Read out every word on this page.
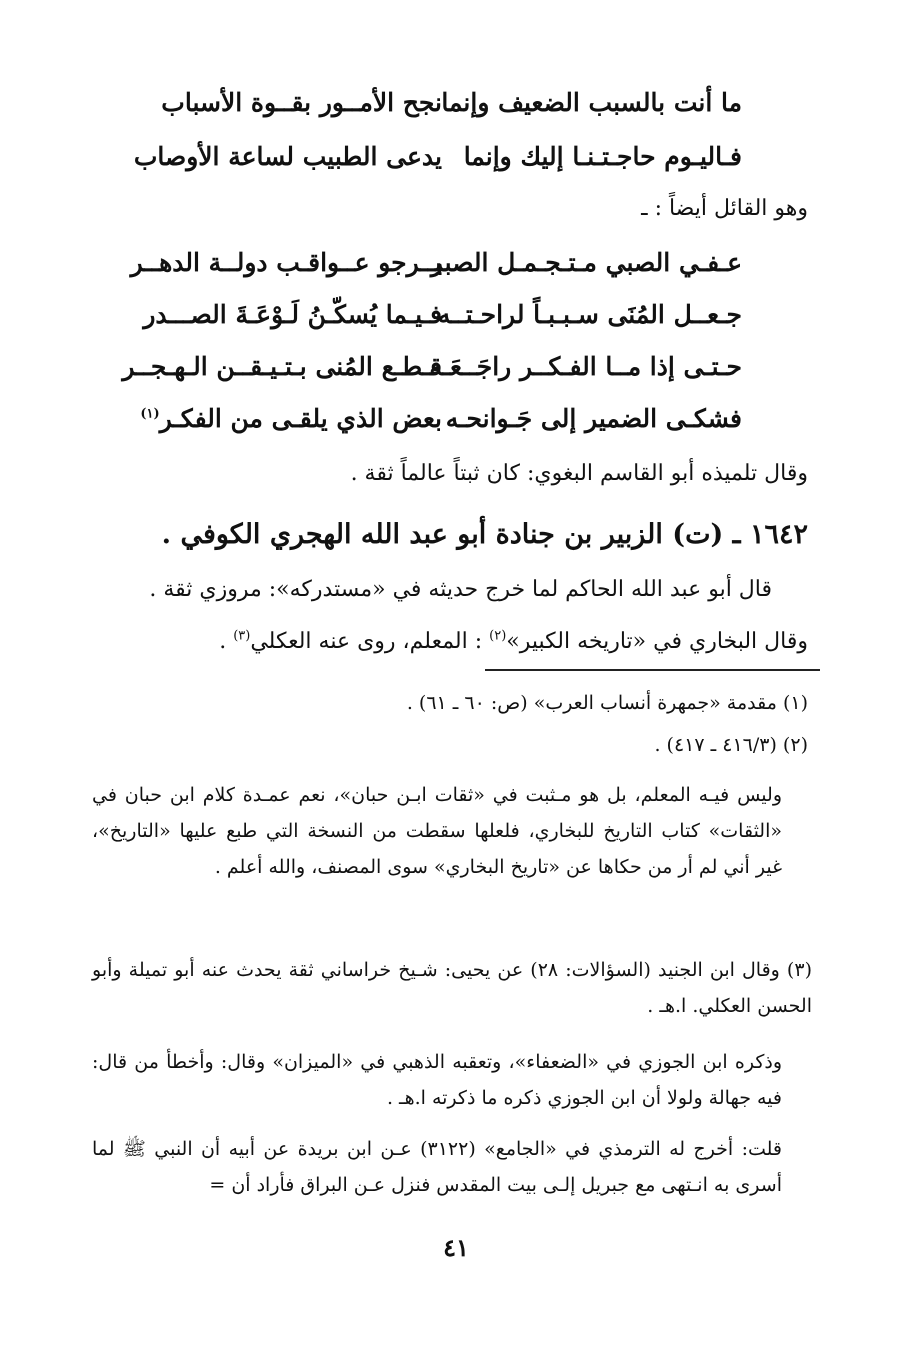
ما أنت بالسبب الضعيف وإنما
نجح الأمــور بقــوة الأسباب
فـاليـوم حاجـتـنـا إليك وإنما
يدعى الطبيب لساعة الأوصاب
وهو القائل أيضاً : ـ
عـفـي الصبي مـتـجـمـل الصبر
يــرجو عــواقـب دولــة الدهــر
جـعــل المُنَى سـبـبـاً لراحـتــه
فـيـما يُسكّـنُ لَـوْعَـةَ الصـــدر
حـتـى إذا مــا الفـكــر راجَــعَـه
قـطـع المُنى بـتـيـقــن الـهـجــر
فشكـى الضمير إلى جَـوانحـه
بعض الذي يلقـى من الفكـر$^{(١)}$
وقال تلميذه أبو القاسم البغوي: كان ثبتاً عالماً ثقة .
١٦٤٢ ـ (ت) الزبير بن جنادة أبو عبد الله الهجري الكوفي .
قال أبو عبد الله الحاكم لما خرج حديثه في «مستدركه»: مروزي ثقة .
وقال البخاري في «تاريخه الكبير»$^{(٢)}$ : المعلم، روى عنه العكلي$^{(٣)}$ .
(١) مقدمة «جمهرة أنساب العرب» (ص: ٦٠ ـ ٦١) .
(٢) (٤١٦/٣ ـ ٤١٧) .
وليس فيـه المعلم، بل هو مـثبت في «ثقات ابـن حبان»، نعم عمـدة كلام ابن حبان في «الثقات» كتاب التاريخ للبخاري، فلعلها سقطت من النسخة التي طبع عليها «التاريخ»، غير أني لم أر من حكاها عن «تاريخ البخاري» سوى المصنف، والله أعلم .
(٣) وقال ابن الجنيد (السؤالات: ٢٨) عن يحيى: شـيخ خراساني ثقة يحدث عنه أبو تميلة وأبو الحسن العكلي. ا.هـ .
وذكره ابن الجوزي في «الضعفاء»، وتعقبه الذهبي في «الميزان» وقال: وأخطأ من قال: فيه جهالة ولولا أن ابن الجوزي ذكره ما ذكرته ا.هـ .
قلت: أخرج له الترمذي في «الجامع» (٣١٢٢) عـن ابن بريدة عن أبيه أن النبي ﷺ لما أسرى به انـتهى مع جبريل إلـى بيت المقدس فنزل عـن البراق فأراد أن =
٤١
